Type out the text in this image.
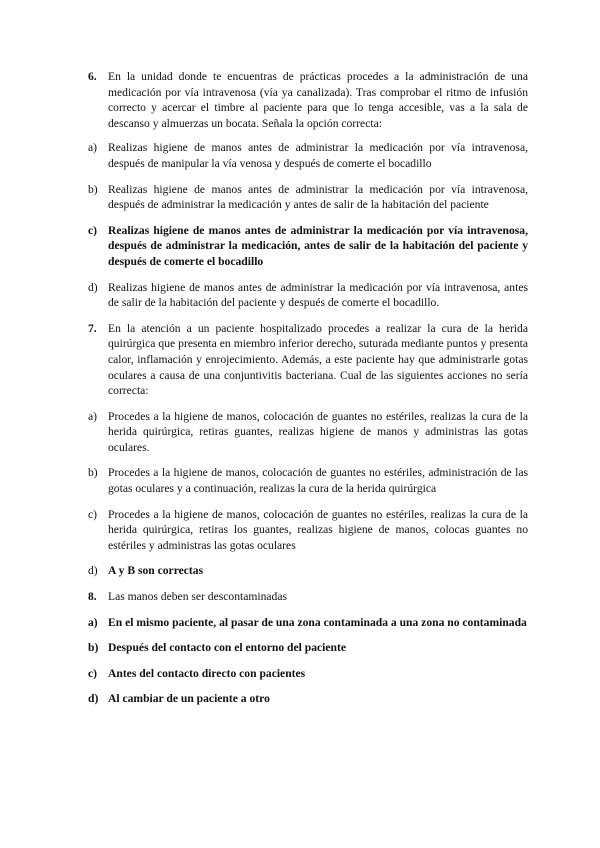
6. En la unidad donde te encuentras de prácticas procedes a la administración de una medicación por vía intravenosa (vía ya canalizada). Tras comprobar el ritmo de infusión correcto y acercar el timbre al paciente para que lo tenga accesible, vas a la sala de descanso y almuerzas un bocata. Señala la opción correcta:
a) Realizas higiene de manos antes de administrar la medicación por vía intravenosa, después de manipular la vía venosa y después de comerte el bocadillo
b) Realizas higiene de manos antes de administrar la medicación por vía intravenosa, después de administrar la medicación y antes de salir de la habitación del paciente
c) Realizas higiene de manos antes de administrar la medicación por vía intravenosa, después de administrar la medicación, antes de salir de la habitación del paciente y después de comerte el bocadillo
d) Realizas higiene de manos antes de administrar la medicación por vía intravenosa, antes de salir de la habitación del paciente y después de comerte el bocadillo.
7. En la atención a un paciente hospitalizado procedes a realizar la cura de la herida quirúrgica que presenta en miembro inferior derecho, suturada mediante puntos y presenta calor, inflamación y enrojecimiento. Además, a este paciente hay que administrarle gotas oculares a causa de una conjuntivitis bacteriana. Cual de las siguientes acciones no sería correcta:
a) Procedes a la higiene de manos, colocación de guantes no estériles, realizas la cura de la herida quirúrgica, retiras guantes, realizas higiene de manos y administras las gotas oculares.
b) Procedes a la higiene de manos, colocación de guantes no estériles, administración de las gotas oculares y a continuación, realizas la cura de la herida quirúrgica
c) Procedes a la higiene de manos, colocación de guantes no estériles, realizas la cura de la herida quirúrgica, retiras los guantes, realizas higiene de manos, colocas guantes no estériles y administras las gotas oculares
d) A y B son correctas
8. Las manos deben ser descontaminadas
a) En el mismo paciente, al pasar de una zona contaminada a una zona no contaminada
b) Después del contacto con el entorno del paciente
c) Antes del contacto directo con pacientes
d) Al cambiar de un paciente a otro
